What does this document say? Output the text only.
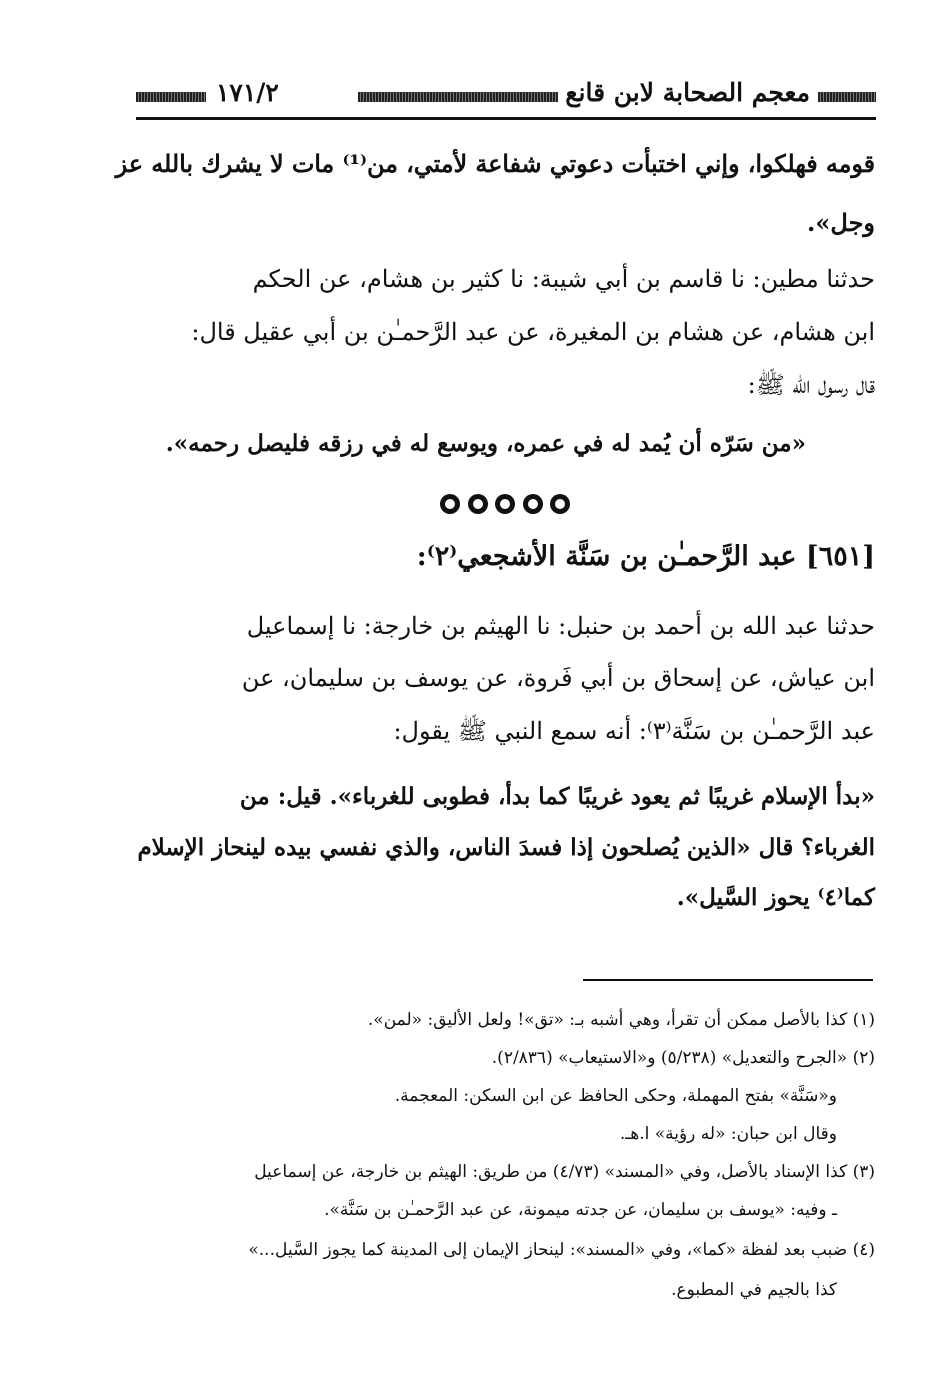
معجم الصحابة لابن قانع
١٧١/٢
قومه فهلكوا، وإني اختبأت دعوتي شفاعة لأمتي، من⁽¹⁾ مات لا يشرك بالله عز
وجل».
حدثنا مطين: نا قاسم بن أبي شيبة: نا كثير بن هشام، عن الحكم
ابن هشام، عن هشام بن المغيرة، عن عبد الرَّحمـٰن بن أبي عقيل قال:
قال رسول الله ﷺ:
«من سَرّه أن يُمد له في عمره، ويوسع له في رزقه فليصل رحمه».
[٦٥١] عبد الرَّحمـٰن بن سَنَّة الأشجعي⁽٢⁾:
حدثنا عبد الله بن أحمد بن حنبل: نا الهيثم بن خارجة: نا إسماعيل
ابن عياش، عن إسحاق بن أبي فَروة، عن يوسف بن سليمان، عن
عبد الرَّحمـٰن بن سَنَّة⁽٣⁾: أنه سمع النبي ﷺ يقول:
«بدأ الإسلام غريبًا ثم يعود غريبًا كما بدأ، فطوبى للغرباء». قيل: من
الغرباء؟ قال «الذين يُصلحون إذا فسدَ الناس، والذي نفسي بيده لينحاز الإسلام
كما⁽٤⁾ يحوز السَّيل».
(١) كذا بالأصل ممكن أن تقرأ، وهي أشبه بـ: «تق»! ولعل الأليق: «لمن».
(٢) «الجرح والتعديل» (٥/٢٣٨) و«الاستيعاب» (٢/٨٣٦).
و«سَنَّة» بفتح المهملة، وحكى الحافظ عن ابن السكن: المعجمة.
وقال ابن حبان: «له رؤية» ا.هـ.
(٣) كذا الإسناد بالأصل، وفي «المسند» (٤/٧٣) من طريق: الهيثم بن خارجة، عن إسماعيل
ـ وفيه: «يوسف بن سليمان، عن جدته ميمونة، عن عبد الرَّحمـٰن بن سَنَّة».
(٤) ضبب بعد لفظة «كما»، وفي «المسند»: لينحاز الإيمان إلى المدينة كما يجوز السَّيل...»
كذا بالجيم في المطبوع.
